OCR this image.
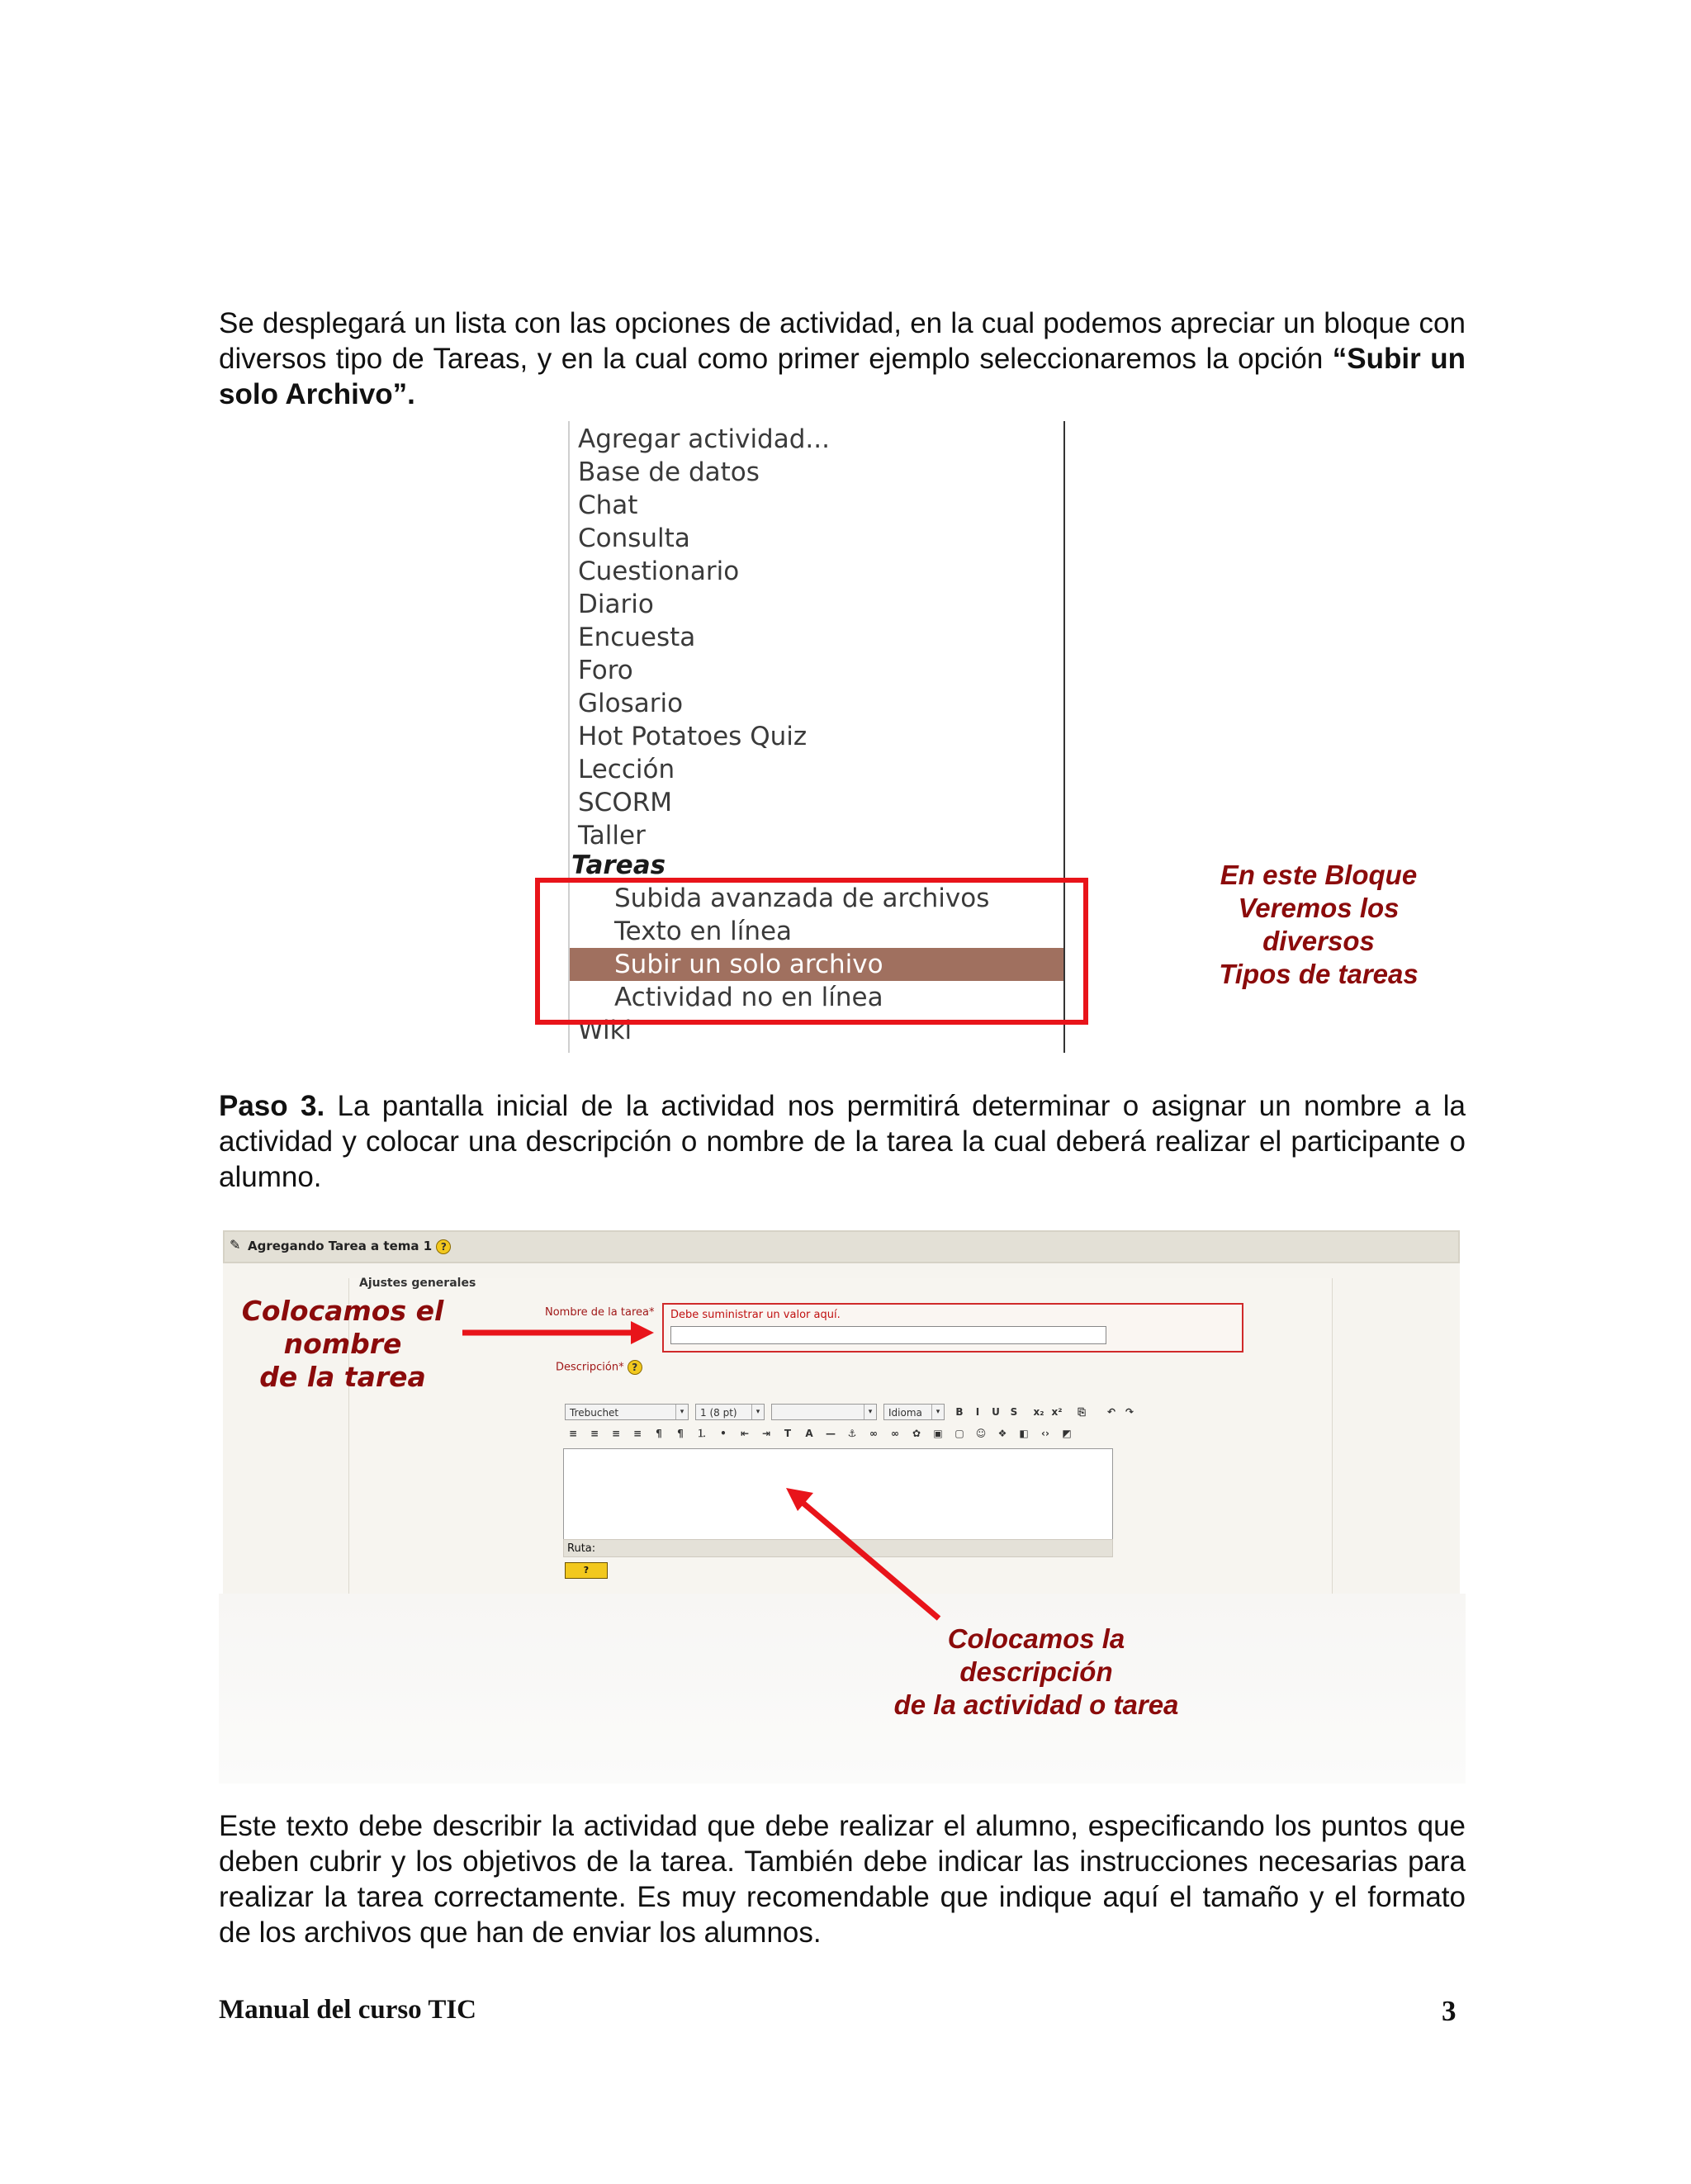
Se desplegará un lista con las opciones de actividad, en la cual podemos apreciar un bloque con diversos tipo de Tareas, y en la cual como primer ejemplo seleccionaremos la opción “Subir un solo Archivo”.

Agregar actividad...
Base de datos
Chat
Consulta
Cuestionario
Diario
Encuesta
Foro
Glosario
Hot Potatoes Quiz
Lección
SCORM
Taller
Tareas
Subida avanzada de archivos
Texto en línea
Subir un solo archivo
Actividad no en línea
Wiki
En este Bloque
Veremos los
diversos
Tipos de tareas

Paso 3. La pantalla inicial de la actividad nos permitirá determinar o asignar un nombre a la actividad y colocar una descripción o nombre de la tarea la cual deberá realizar el participante o alumno.

✎ Agregando Tarea a tema 1 ?
Ajustes generales
Nombre de la tarea* Debe suministrar un valor aquí.
Descripción* ?
Trebuchet	▾	1 (8 pt)	▾	▾	Idioma	▾	B	I	U	S	x₂ x² ⎘ ↶ ↷
≡ ≡ ≡ ≡	¶	¶	⒈	•	⇤ ⇥	T	A — ⚓ ∞ ∞ ✿ ▣ ▢ ☺ ❖ ◧ ‹› ◩
Ruta:
?
Colocamos el
nombre
de la tarea
Colocamos la
descripción
de la actividad o tarea

Este texto debe describir la actividad que debe realizar el alumno, especificando los puntos que deben cubrir y los objetivos de la tarea. También debe indicar las instrucciones necesarias para realizar la tarea correctamente. Es muy recomendable que indique aquí el tamaño y el formato de los archivos que han de enviar los alumnos.

Manual del curso TIC	3
